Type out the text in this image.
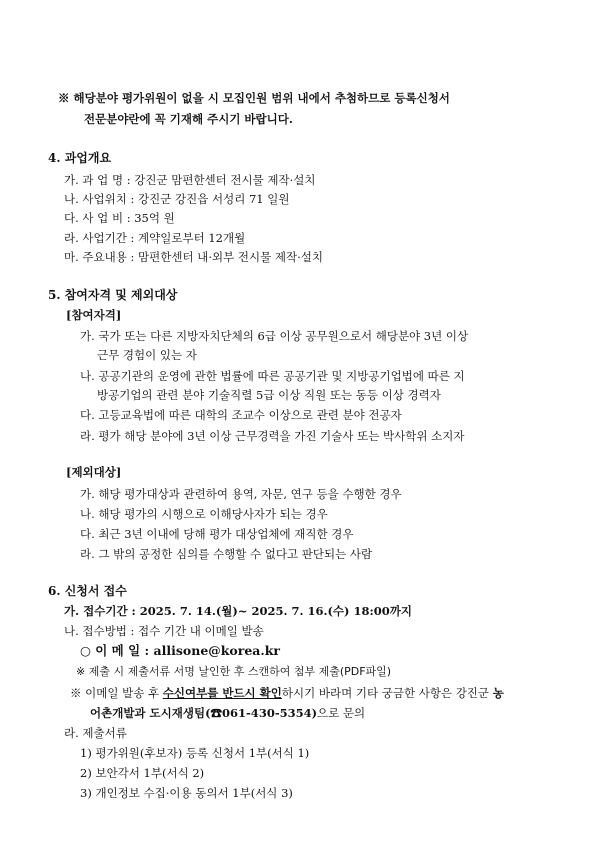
※ 해당분야 평가위원이 없을 시 모집인원 범위 내에서 추첨하므로 등록신청서
전문분야란에 꼭 기재해 주시기 바랍니다.
4. 과업개요
가. 과 업 명 : 강진군 맘편한센터 전시물 제작·설치
나. 사업위치 : 강진군 강진읍 서성리 71 일원
다. 사 업 비 : 35억 원
라. 사업기간 : 계약일로부터 12개월
마. 주요내용 : 맘편한센터 내·외부 전시물 제작·설치
5. 참여자격 및 제외대상
[참여자격]
가. 국가 또는 다른 지방자치단체의 6급 이상 공무원으로서 해당분야 3년 이상
근무 경험이 있는 자
나. 공공기관의 운영에 관한 법률에 따른 공공기관 및 지방공기업법에 따른 지
방공기업의 관련 분야 기술직렬 5급 이상 직원 또는 동등 이상 경력자
다. 고등교육법에 따른 대학의 조교수 이상으로 관련 분야 전공자
라. 평가 해당 분야에 3년 이상 근무경력을 가진 기술사 또는 박사학위 소지자
[제외대상]
가. 해당 평가대상과 관련하여 용역, 자문, 연구 등을 수행한 경우
나. 해당 평가의 시행으로 이해당사자가 되는 경우
다. 최근 3년 이내에 당해 평가 대상업체에 재직한 경우
라. 그 밖의 공정한 심의를 수행할 수 없다고 판단되는 사람
6. 신청서 접수
가. 접수기간 : 2025. 7. 14.(월)~ 2025. 7. 16.(수) 18:00까지
나. 접수방법 : 접수 기간 내 이메일 발송
○ 이 메 일 : allisone@korea.kr
※ 제출 시 제출서류 서명 날인한 후 스캔하여 첨부 제출(PDF파일)
※ 이메일 발송 후 수신여부를 반드시 확인하시기 바라며 기타 궁금한 사항은 강진군 농
어촌개발과 도시재생팀(☎061-430-5354)으로 문의
라. 제출서류
1) 평가위원(후보자) 등록 신청서 1부(서식 1)
2) 보안각서 1부(서식 2)
3) 개인정보 수집·이용 동의서 1부(서식 3)
